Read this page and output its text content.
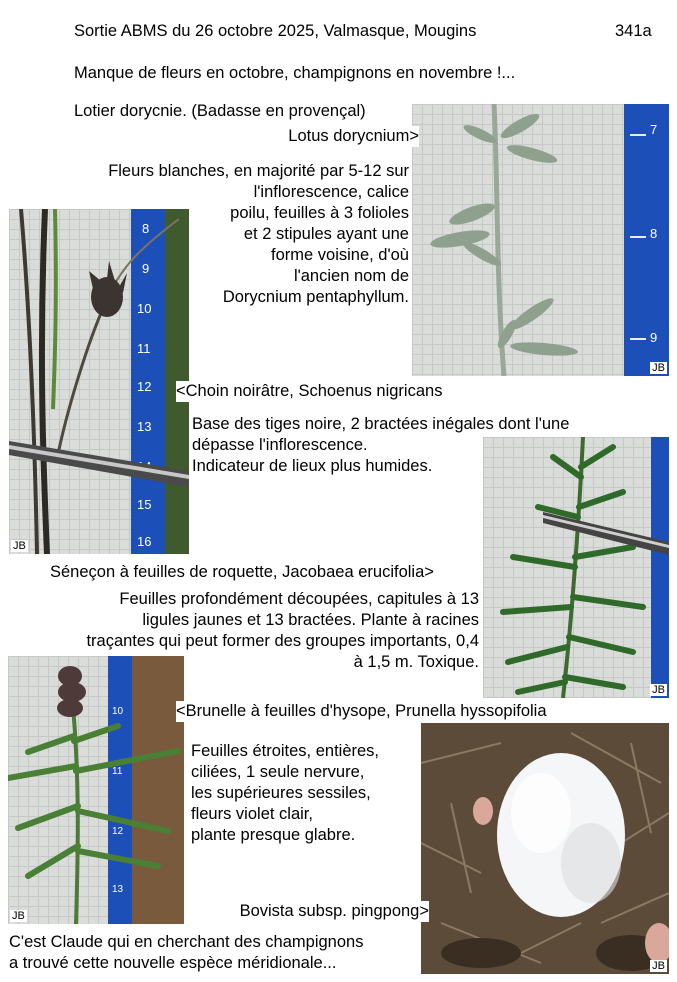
Sortie ABMS du 26 octobre 2025, Valmasque, Mougins	341a
Manque de fleurs en octobre, champignons en novembre !...
7
8
9
JB
Lotier dorycnie. (Badasse en provençal)
Lotus dorycnium>
Fleurs blanches, en majorité par 5-12 sur
l'inflorescence, calice
poilu, feuilles à 3 folioles
et 2 stipules ayant une
forme voisine, d'où
l'ancien nom de
Dorycnium pentaphyllum.
8
9
10
11
12
13
15
16
JB
<Choin noirâtre, Schoenus nigricans
Base des tiges noire, 2 bractées inégales dont l'une
dépasse l'inflorescence.
Indicateur de lieux plus humides.
JB
Séneçon à feuilles de roquette, Jacobaea erucifolia>
Feuilles profondément découpées, capitules à 13
ligules jaunes et 13 bractées. Plante à racines
traçantes qui peut former des groupes importants, 0,4
à 1,5 m. Toxique.
10
11
12
13
JB
<Brunelle à feuilles d'hysope, Prunella hyssopifolia
Feuilles étroites, entières,
ciliées, 1 seule nervure,
les supérieures sessiles,
fleurs violet clair,
plante presque glabre.
JB
Bovista subsp. pingpong>
C'est Claude qui en cherchant des champignons
a trouvé cette nouvelle espèce méridionale...
